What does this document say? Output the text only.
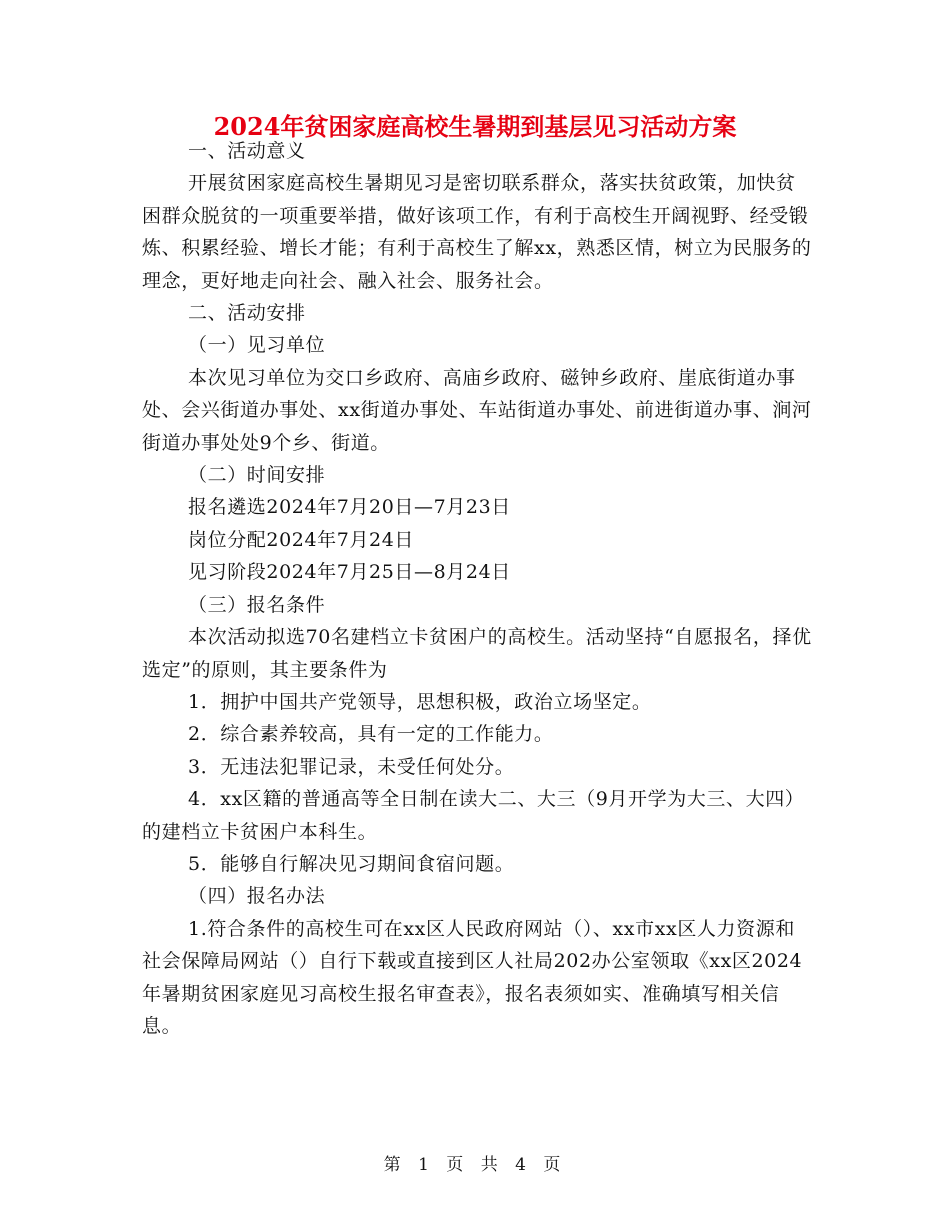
2024年贫困家庭高校生暑期到基层见习活动方案

一、活动意义

开展贫困家庭高校生暑期见习是密切联系群众，落实扶贫政策，加快贫困群众脱贫的一项重要举措，做好该项工作，有利于高校生开阔视野、经受锻炼、积累经验、增长才能；有利于高校生了解xx，熟悉区情，树立为民服务的理念，更好地走向社会、融入社会、服务社会。

二、活动安排

（一）见习单位

本次见习单位为交口乡政府、高庙乡政府、磁钟乡政府、崖底街道办事处、会兴街道办事处、xx街道办事处、车站街道办事处、前进街道办事、涧河街道办事处处9个乡、街道。

（二）时间安排

报名遴选2024年7月20日—7月23日

岗位分配2024年7月24日

见习阶段2024年7月25日—8月24日

（三）报名条件

本次活动拟选70名建档立卡贫困户的高校生。活动坚持“自愿报名，择优选定”的原则，其主要条件为

1．拥护中国共产党领导，思想积极，政治立场坚定。

2．综合素养较高，具有一定的工作能力。

3．无违法犯罪记录，未受任何处分。

4．xx区籍的普通高等全日制在读大二、大三（9月开学为大三、大四）的建档立卡贫困户本科生。

5．能够自行解决见习期间食宿问题。

（四）报名办法

1.符合条件的高校生可在xx区人民政府网站（）、xx市xx区人力资源和社会保障局网站（）自行下载或直接到区人社局202办公室领取《xx区2024年暑期贫困家庭见习高校生报名审查表》，报名表须如实、准确填写相关信息。

第 1 页 共 4 页
